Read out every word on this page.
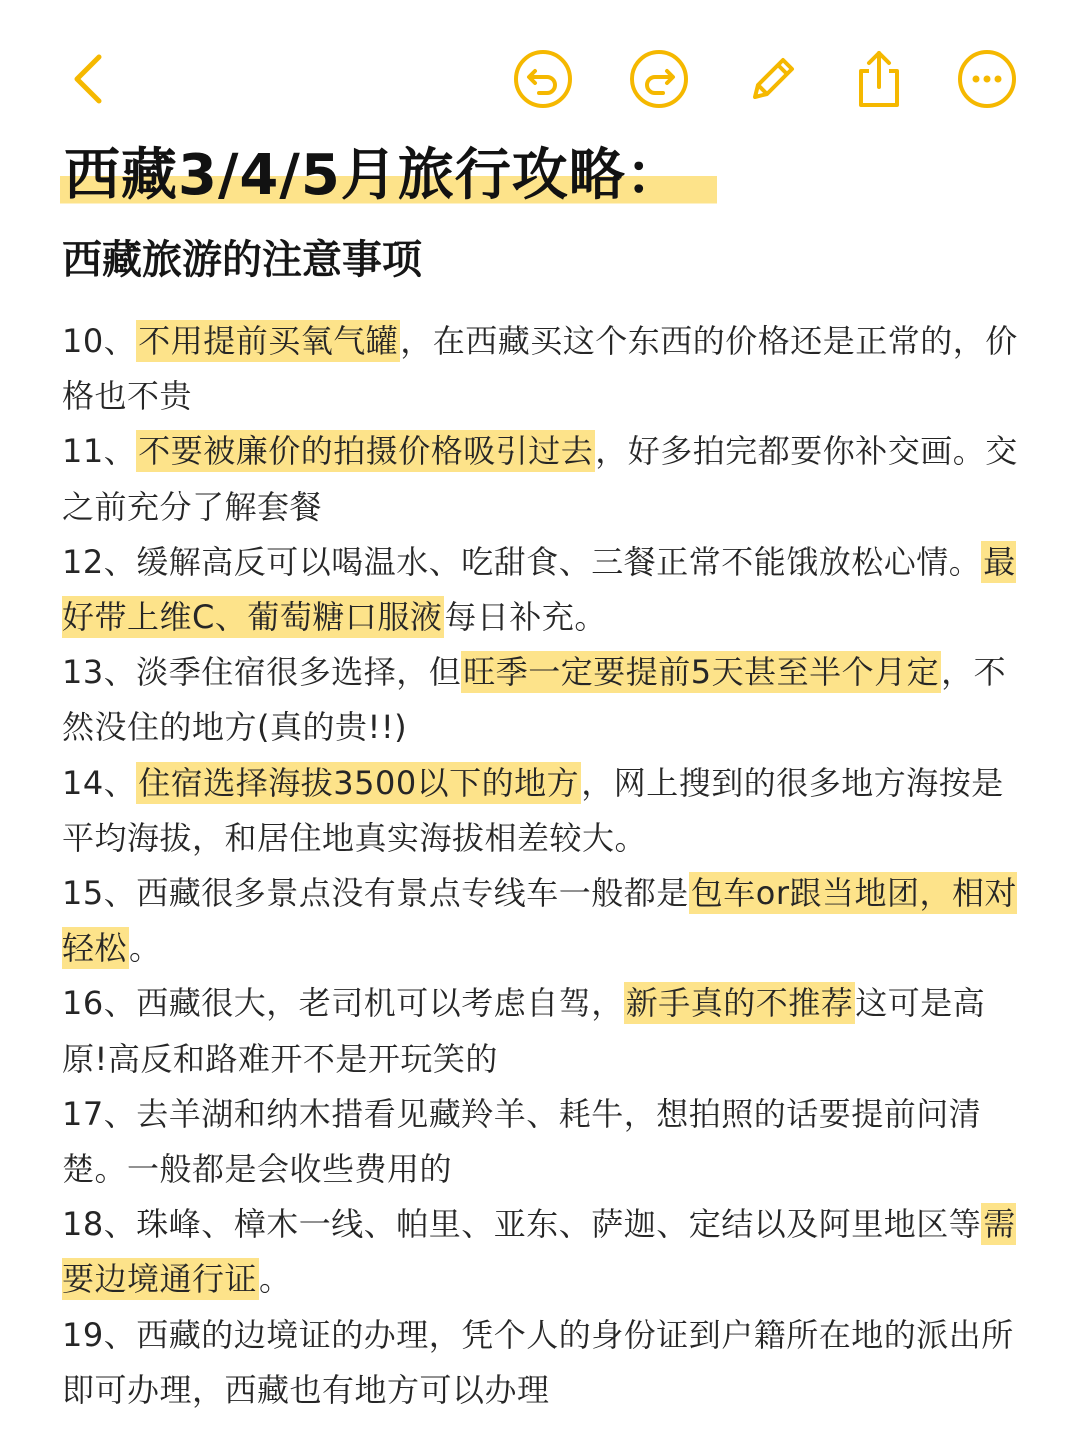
西藏3/4/5月旅行攻略：
西藏旅游的注意事项

10、不用提前买氧气罐，在西藏买这个东西的价格还是正常的，价格也不贵

11、不要被廉价的拍摄价格吸引过去，好多拍完都要你补交画。交之前充分了解套餐

12、缓解高反可以喝温水、吃甜食、三餐正常不能饿放松心情。最好带上维C、葡萄糖口服液每日补充。

13、淡季住宿很多选择，但旺季一定要提前5天甚至半个月定，不然没住的地方(真的贵!!)

14、住宿选择海拔3500以下的地方，网上搜到的很多地方海按是平均海拔，和居住地真实海拔相差较大。

15、西藏很多景点没有景点专线车一般都是包车or跟当地团，相对轻松。

16、西藏很大，老司机可以考虑自驾，新手真的不推荐这可是高原!高反和路难开不是开玩笑的

17、去羊湖和纳木措看见藏羚羊、耗牛，想拍照的话要提前问清楚。一般都是会收些费用的

18、珠峰、樟木一线、帕里、亚东、萨迦、定结以及阿里地区等需要边境通行证。

19、西藏的边境证的办理，凭个人的身份证到户籍所在地的派出所即可办理，西藏也有地方可以办理
